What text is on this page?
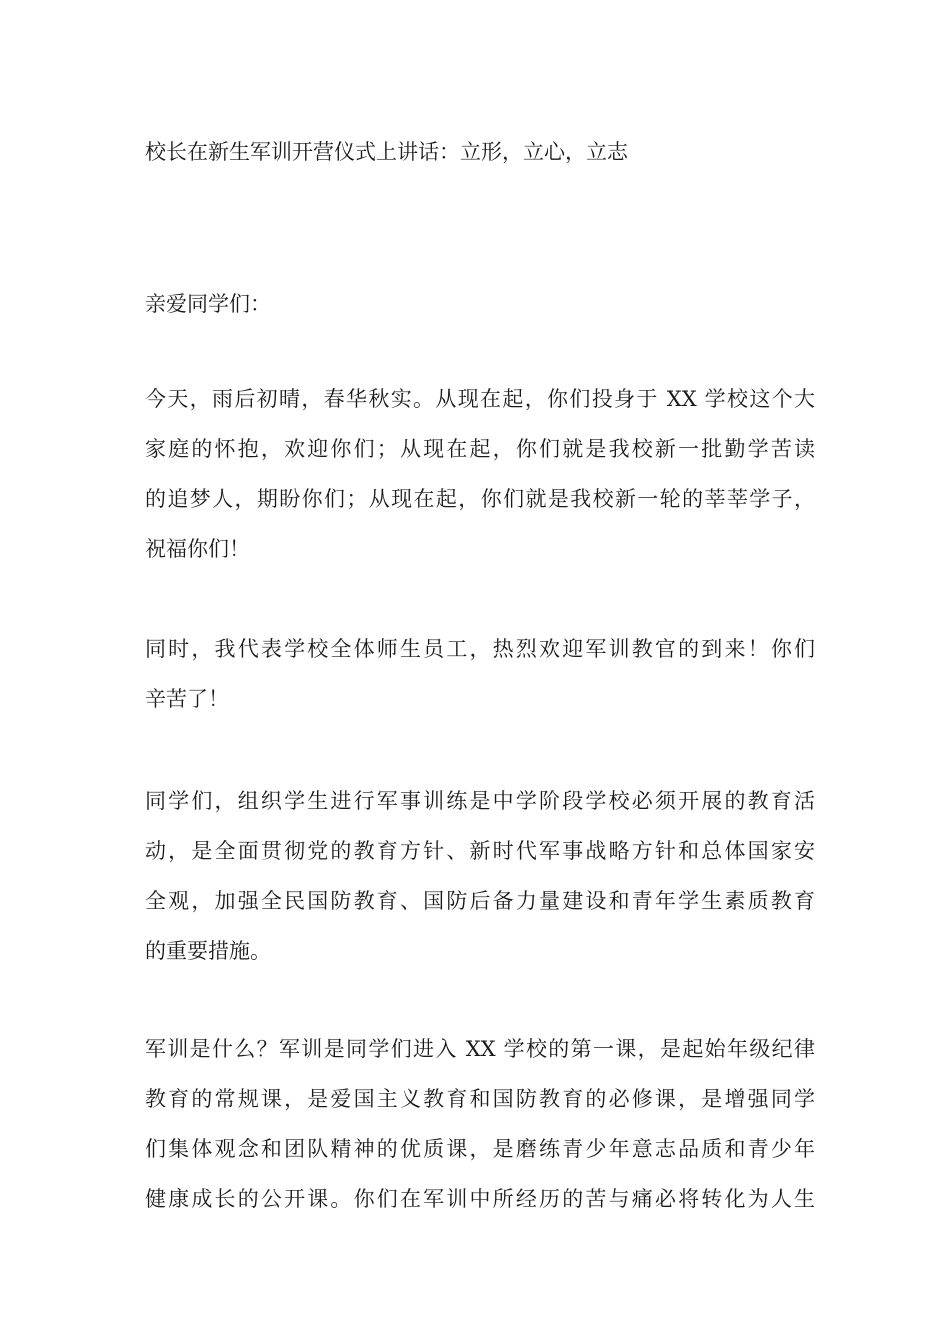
校长在新生军训开营仪式上讲话：立形，立心，立志
亲爱同学们：
今天，雨后初晴，春华秋实。从现在起，你们投身于 XX 学校这个大
家庭的怀抱，欢迎你们；从现在起，你们就是我校新一批勤学苦读
的追梦人，期盼你们；从现在起，你们就是我校新一轮的莘莘学子，
祝福你们！
同时，我代表学校全体师生员工，热烈欢迎军训教官的到来！你们
辛苦了！
同学们，组织学生进行军事训练是中学阶段学校必须开展的教育活
动，是全面贯彻党的教育方针、新时代军事战略方针和总体国家安
全观，加强全民国防教育、国防后备力量建设和青年学生素质教育
的重要措施。
军训是什么？军训是同学们进入 XX 学校的第一课，是起始年级纪律
教育的常规课，是爱国主义教育和国防教育的必修课，是增强同学
们集体观念和团队精神的优质课，是磨练青少年意志品质和青少年
健康成长的公开课。你们在军训中所经历的苦与痛必将转化为人生
